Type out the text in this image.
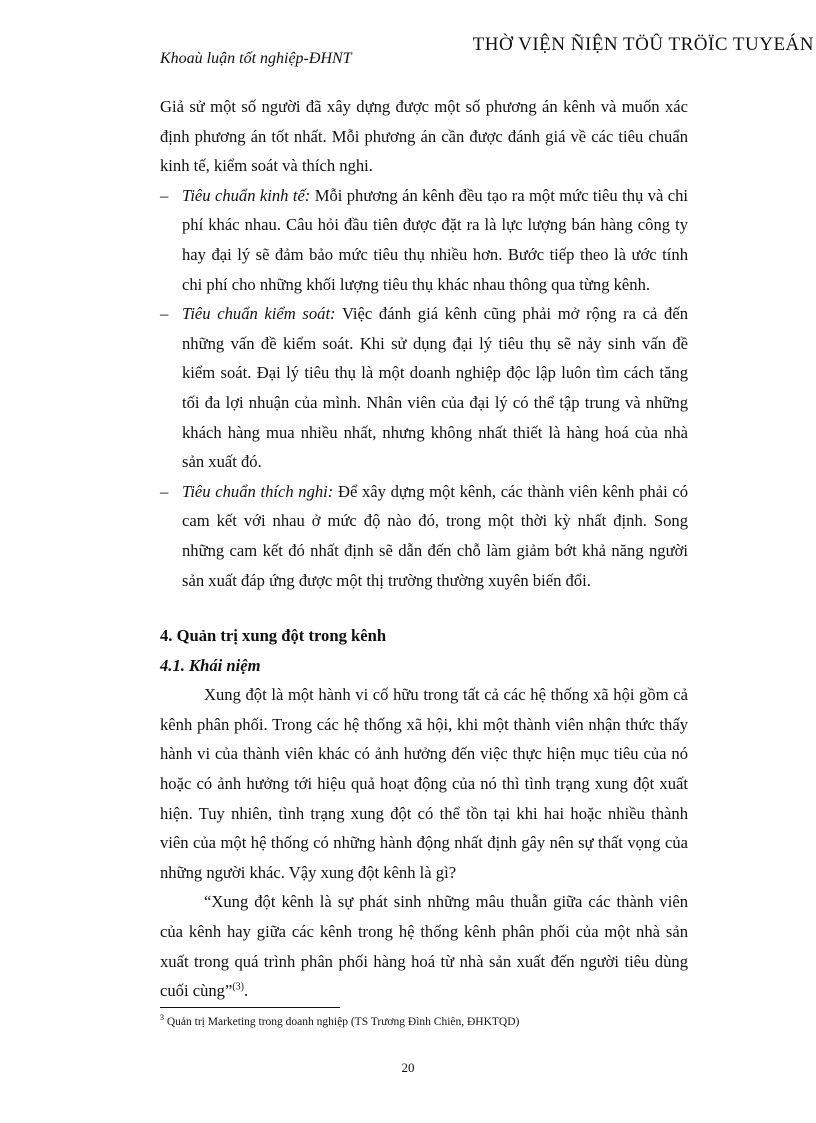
THỜ VIỆN ÑIỆN TÖÛ TRÖÏC TUYEÁN
Khoaù luận tốt nghiệp-ĐHNT

Giả sử một số người đã xây dựng được một số phương án kênh và muốn xác định phương án tốt nhất. Mỗi phương án cần được đánh giá về các tiêu chuẩn kinh tế, kiểm soát và thích nghi.

– Tiêu chuẩn kinh tế: Mỗi phương án kênh đều tạo ra một mức tiêu thụ và chi phí khác nhau. Câu hỏi đầu tiên được đặt ra là lực lượng bán hàng công ty hay đại lý sẽ đảm bảo mức tiêu thụ nhiều hơn. Bước tiếp theo là ước tính chi phí cho những khối lượng tiêu thụ khác nhau thông qua từng kênh.

– Tiêu chuẩn kiểm soát: Việc đánh giá kênh cũng phải mở rộng ra cả đến những vấn đề kiểm soát. Khi sử dụng đại lý tiêu thụ sẽ nảy sinh vấn đề kiểm soát. Đại lý tiêu thụ là một doanh nghiệp độc lập luôn tìm cách tăng tối đa lợi nhuận của mình. Nhân viên của đại lý có thể tập trung và những khách hàng mua nhiều nhất, nhưng không nhất thiết là hàng hoá của nhà sản xuất đó.

– Tiêu chuẩn thích nghi: Để xây dựng một kênh, các thành viên kênh phải có cam kết với nhau ở mức độ nào đó, trong một thời kỳ nhất định. Song những cam kết đó nhất định sẽ dẫn đến chỗ làm giảm bớt khả năng người sản xuất đáp ứng được một thị trường thường xuyên biến đổi.

4. Quản trị xung đột trong kênh

4.1. Khái niệm

Xung đột là một hành vi cố hữu trong tất cả các hệ thống xã hội gồm cả kênh phân phối. Trong các hệ thống xã hội, khi một thành viên nhận thức thấy hành vi của thành viên khác có ảnh hưởng đến việc thực hiện mục tiêu của nó hoặc có ảnh hưởng tới hiệu quả hoạt động của nó thì tình trạng xung đột xuất hiện. Tuy nhiên, tình trạng xung đột có thể tồn tại khi hai hoặc nhiều thành viên của một hệ thống có những hành động nhất định gây nên sự thất vọng của những người khác. Vậy xung đột kênh là gì?

“Xung đột kênh là sự phát sinh những mâu thuẫn giữa các thành viên của kênh hay giữa các kênh trong hệ thống kênh phân phối của một nhà sản xuất trong quá trình phân phối hàng hoá từ nhà sản xuất đến người tiêu dùng cuối cùng”$^{(3)}$.

$^3$ Quản trị Marketing trong doanh nghiệp (TS Trương Đình Chiên, ĐHKTQD)
20
